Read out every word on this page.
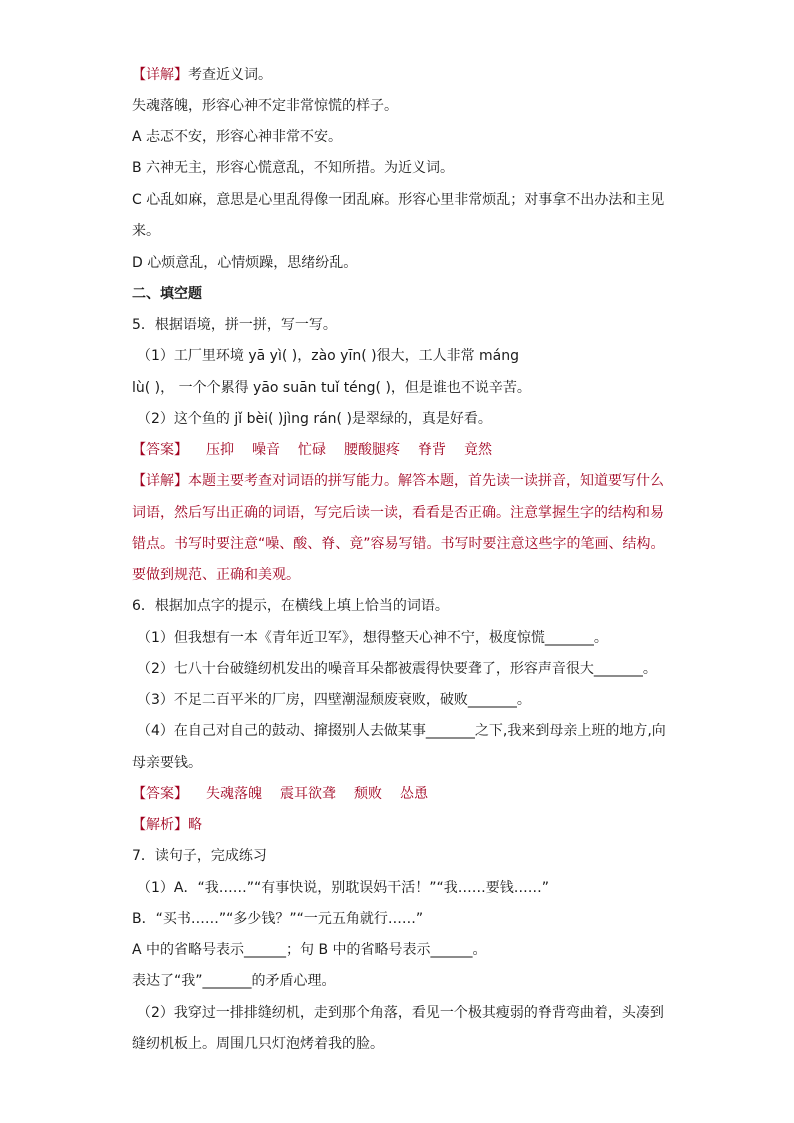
【详解】考查近义词。
失魂落魄，形容心神不定非常惊慌的样子。
A 忐忑不安，形容心神非常不安。
B 六神无主，形容心慌意乱，不知所措。为近义词。
C 心乱如麻，意思是心里乱得像一团乱麻。形容心里非常烦乱；对事拿不出办法和主见
来。
D 心烦意乱，心情烦躁，思绪纷乱。
二、填空题
5．根据语境，拼一拼，写一写。
（1）工厂里环境 yā yì( )，zào yīn( )很大，工人非常 máng
lù( )， 一个个累得 yāo suān tuǐ téng( )，但是谁也不说辛苦。
（2）这个鱼的 jǐ bèi( )jìng rán( )是翠绿的，真是好看。
【答案】 压抑 噪音 忙碌 腰酸腿疼 脊背 竟然
【详解】本题主要考查对词语的拼写能力。解答本题，首先读一读拼音，知道要写什么
词语，然后写出正确的词语，写完后读一读，看看是否正确。注意掌握生字的结构和易
错点。书写时要注意“噪、酸、脊、竟”容易写错。书写时要注意这些字的笔画、结构。
要做到规范、正确和美观。
6．根据加点字的提示，在横线上填上恰当的词语。
（1）但我想有一本《青年近卫军》，想得整天心神不宁，极度惊慌_______。
（2）七八十台破缝纫机发出的噪音耳朵都被震得快要聋了，形容声音很大_______。
（3）不足二百平米的厂房，四壁潮湿颓废衰败，破败_______。
（4）在自己对自己的鼓动、撺掇别人去做某事_______之下,我来到母亲上班的地方,向
母亲要钱。
【答案】 失魂落魄 震耳欲聋 颓败 怂恿
【解析】略
7．读句子，完成练习
（1）A．“我……”“有事快说，别耽误妈干活！”“我……要钱……”
B．“买书……”“多少钱？”“一元五角就行……”
A 中的省略号表示______；句 B 中的省略号表示______。
表达了“我”_______的矛盾心理。
（2）我穿过一排排缝纫机，走到那个角落，看见一个极其瘦弱的脊背弯曲着，头凑到
缝纫机板上。周围几只灯泡烤着我的脸。
